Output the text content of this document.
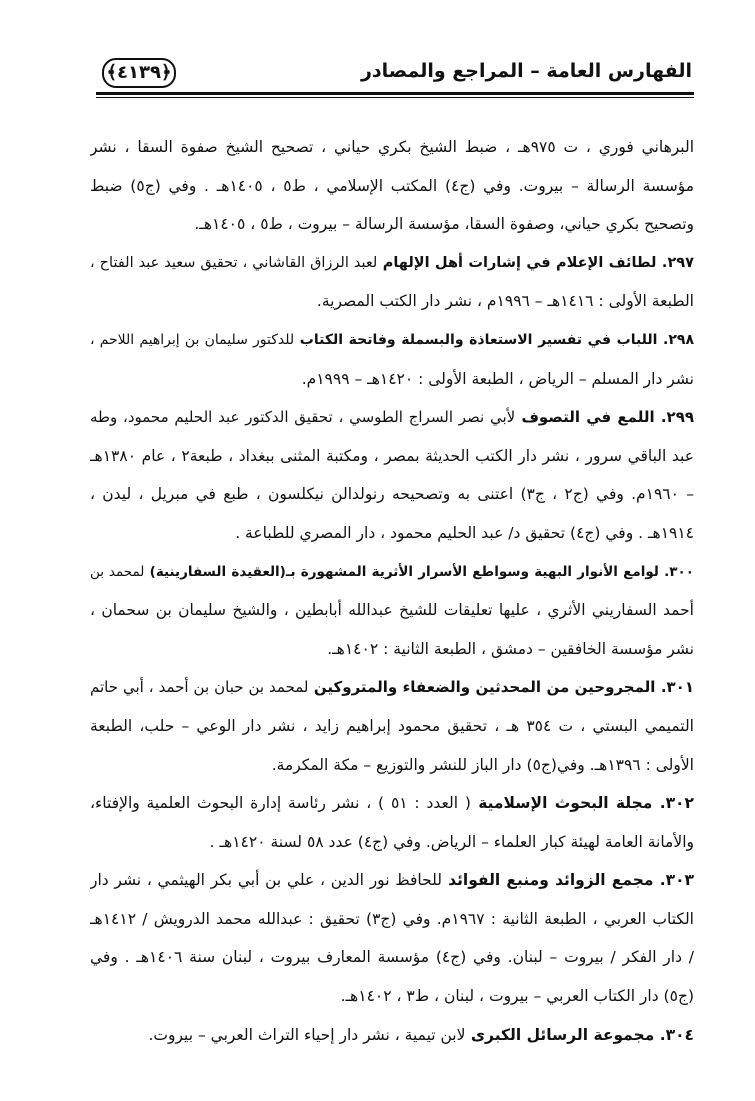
الفهارس العامة – المراجع والمصادر
﴿٤١٣٩﴾
البرهاني فوري ، ت ٩٧٥هـ ، ضبط الشيخ بكري حياني ، تصحيح الشيخ صفوة السقا ، نشر
مؤسسة الرسالة – بيروت. وفي (ج٤) المكتب الإسلامي ، ط٥ ، ١٤٠٥هـ . وفي (ج٥) ضبط
وتصحيح بكري حياني، وصفوة السقا، مؤسسة الرسالة – بيروت ، ط٥ ، ١٤٠٥هـ.
٢٩٧. لطائف الإعلام في إشارات أهل الإلهام لعبد الرزاق القاشاني ، تحقيق سعيد عبد الفتاح ،
الطبعة الأولى : ١٤١٦هـ – ١٩٩٦م ، نشر دار الكتب المصرية.
٢٩٨. اللباب في تفسير الاستعاذة والبسملة وفاتحة الكتاب للدكتور سليمان بن إبراهيم اللاحم ،
نشر دار المسلم – الرياض ، الطبعة الأولى : ١٤٢٠هـ – ١٩٩٩م.
٢٩٩. اللمع في التصوف لأبي نصر السراج الطوسي ، تحقيق الدكتور عبد الحليم محمود، وطه
عبد الباقي سرور ، نشر دار الكتب الحديثة بمصر ، ومكتبة المثنى ببغداد ، طبعة٢ ، عام ١٣٨٠هـ
– ١٩٦٠م. وفي (ج٢ ، ج٣) اعتنى به وتصحيحه رنولدالن نيكلسون ، طبع في مبريل ، ليدن ،
١٩١٤هـ . وفي (ج٤) تحقيق د/ عبد الحليم محمود ، دار المصري للطباعة .
٣٠٠. لوامع الأنوار البهية وسواطع الأسرار الأثرية المشهورة بـ(العقيدة السفارينية) لمحمد بن
أحمد السفاريني الأثري ، عليها تعليقات للشيخ عبدالله أبابطين ، والشيخ سليمان بن سحمان ،
نشر مؤسسة الخافقين – دمشق ، الطبعة الثانية : ١٤٠٢هـ.
٣٠١. المجروحين من المحدثين والضعفاء والمتروكين لمحمد بن حبان بن أحمد ، أبي حاتم
التميمي البستي ، ت ٣٥٤ هـ ، تحقيق محمود إبراهيم زايد ، نشر دار الوعي – حلب، الطبعة
الأولى : ١٣٩٦هـ. وفي(ج٥) دار الباز للنشر والتوزيع – مكة المكرمة.
٣٠٢. مجلة البحوث الإسلامية ( العدد : ٥١ ) ، نشر رئاسة إدارة البحوث العلمية والإفتاء،
والأمانة العامة لهيئة كبار العلماء – الرياض. وفي (ج٤) عدد ٥٨ لسنة ١٤٢٠هـ .
٣٠٣. مجمع الزوائد ومنبع الفوائد للحافظ نور الدين ، علي بن أبي بكر الهيثمي ، نشر دار
الكتاب العربي ، الطبعة الثانية : ١٩٦٧م. وفي (ج٣) تحقيق : عبدالله محمد الدرويش / ١٤١٢هـ
/ دار الفكر / بيروت – لبنان. وفي (ج٤) مؤسسة المعارف بيروت ، لبنان سنة ١٤٠٦هـ . وفي
(ج٥) دار الكتاب العربي – بيروت ، لبنان ، ط٣ ، ١٤٠٢هـ.
٣٠٤. مجموعة الرسائل الكبرى لابن تيمية ، نشر دار إحياء التراث العربي – بيروت.
